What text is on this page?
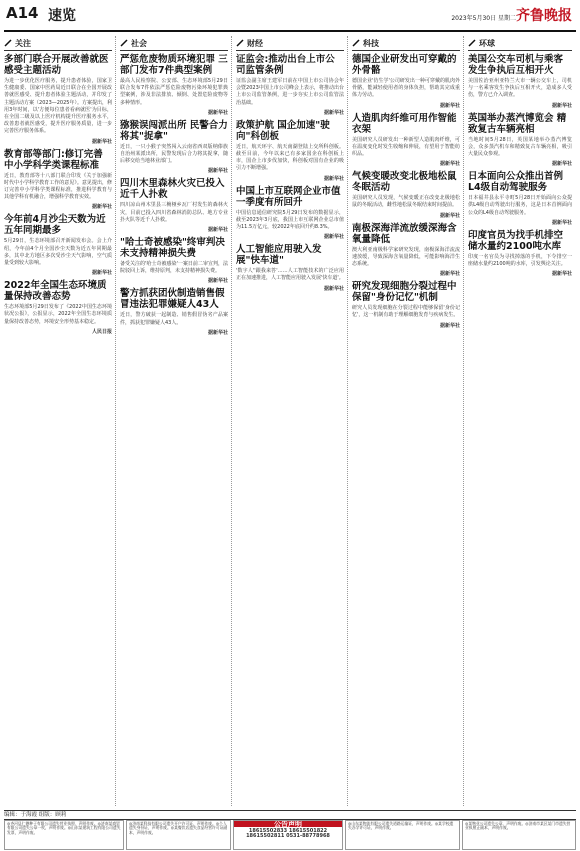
A14 速览	2023年5月30日 星期二 齐鲁晚报
关注
多部门联合开展改善就医感受主题活动

为进一步优化医疗服务，提升患者体验，国家卫生健康委、国家中医药局近日联合在全国开展改善就医感受、提升患者体验主题活动，并印发了主题活动方案（2023—2025年）。方案提出，利用3年时间，以'方便每位患者看病就医'为目标，在全国二级及以上医疗机构提升医疗服务水平，改善患者就医感受，提升医疗服务质量，进一步完善医疗服务体系。

据新华社
教育部等部门:修订完善中小学科学类课程标准

近日，教育部等十八部门联合印发《关于加强新时代中小学科学教育工作的意见》。意见提出，修订完善中小学科学类课程标准，推进科学教育与其他学科有机融合，增强科学教育实效。

据新华社
今年前4月沙尘天数为近五年同期最多

5月29日，生态环境部召开新闻发布会。会上介绍，今年前4个月全国沙尘天数为近五年同期最多，其中北方地区多次受沙尘天气影响，空气质量受到较大影响。

据新华社
2022年全国生态环境质量保持改善态势

生态环境部5月29日发布了《2022中国生态环境状况公报》，公报显示，2022年全国生态环境质量保持改善态势，环境安全形势基本稳定。

人民日报
社会
严惩危废物质环境犯罪 三部门发布7件典型案例

最高人民检察院、公安部、生态环境部5月29日联合发布7件依法严惩危险废物污染环境犯罪典型案例，涉及非法排放、倾倒、处置危险废物等多种情形。

据新华社
猕猴误闯派出所 民警合力将其"捉拿"

近日，一只小猴子突然闯入云南省西双版纳傣族自治州某派出所，民警发现后合力将其捉拿，随后移交给当地林业部门。

据新华社
四川木里森林火灾已投入近千人扑救

四川凉山州木里县三桷桠乡瓦厂村发生的森林火灾，目前已投入四川省森林消防总队、地方专业扑火队等近千人扑救。

据新华社
"哈士奇被感染"终审判决 未支持精神损失费

备受关注的'哈士奇被感染'一案日前二审宣判，法院驳回上诉，维持原判，未支持精神损失费。

据新华社
警方抓获团伙制造销售假冒违法犯罪嫌疑人43人

近日，警方破获一起制造、销售假冒伪劣产品案件，抓获犯罪嫌疑人43人。

据新华社
财经
证监会:推动出台上市公司监管条例

证监会副主席王建军日前在中国上市公司协会年会暨2023中国上市公司峰会上表示，将推动出台上市公司监管条例，进一步夯实上市公司监管法治基础。

据新华社
政策护航 国企加速"驶向"科创板

近日，航天环宇、航天南湖登陆上交所科创板。截至目前，今年以来已有多家国企在科创板上市，国企上市步伐加快，科创板对国有企业的吸引力不断增强。

据新华社
中国上市互联网企业市值一季度有所回升

中国信息通信研究院5月29日发布的数据显示，截至2023年3月底，我国上市互联网企业总市值为11.5万亿元，较2022年底回升约8.3%。

据新华社
人工智能应用驶入发展"快车道"

'数字人''跟我来答'……人工智能技术的广泛应用正在加速推进，人工智能应用驶入发展'快车道'。

据新华社
科技
德国企业研发出可穿戴的外骨骼

德国企业'仿生学'公司研发出一种可穿戴的肌肉外骨骼，能减轻使用者的身体负担，帮助其完成重体力劳动。

据新华社
人造肌肉纤维可用作智能衣架

美国研究人员研发出一种新型人造肌肉纤维，可在温度变化时发生收缩和伸展，有望用于智能纺织品。

据新华社
气候变暖改变北极地松鼠冬眠活动

美国研究人员发现，气候变暖正在改变北极地松鼠的冬眠活动，雌性地松鼠冬眠结束时间提前。

据新华社
南极深海洋流放缓深海含氧量降低

澳大利亚南极科学家研究发现，南极深海洋流流速放缓，导致深海含氧量降低，可能影响海洋生态系统。

据新华社
研究发现细胞分裂过程中保留"身份记忆"机制

研究人员发现细胞在分裂过程中能够保留'身份记忆'，这一机制有助于理解细胞发育与疾病发生。

据新华社
环球
美国公交车司机与乘客发生争执后互相开火

美国佐治亚州亚特兰大市一辆公交车上，司机与一名乘客发生争执后互相开火，造成多人受伤，警方已介入调查。

据新华社
英国举办蒸汽博览会 精致复古车辆亮相

当地时间5月28日，英国某地举办蒸汽博览会，众多蒸汽机车和精致复古车辆亮相，吸引大量民众参观。

据新华社
日本面向公众推出首例L4级自动驾驶服务

日本福井县永平寺町5月28日开始面向公众提供L4级自动驾驶出行服务，这是日本首例面向公众的L4级自动驾驶服务。

据新华社
印度官员为找手机排空储水量约2100吨水库

印度一名官员为寻找掉落的手机，下令排空一座储水量约2100吨的水库，引发舆论关注。

据新华社
编辑：于海霞 组版：顾莉
◎齐河县仁德种子有限公司遗失营业执照，声明作废。◎济南某商贸有限公司遗失公章一枚，声明作废。◎山东某建筑工程有限公司遗失发票，声明作废。
◎济南某科技有限公司遗失开户许可证，声明作废。◎个人遗失身份证，声明作废。◎某餐饮店遗失食品经营许可证副本，声明作废。
公告声明
18615502833 18615501822 18615502811 0531-88778968
◎山东某物流有限公司遗失道路运输证，声明作废。◎某学校遗失办学许可证，声明作废。
◎某物业公司遗失公章，声明作废。◎济南市某区某门市遗失营业执照正副本，声明作废。
